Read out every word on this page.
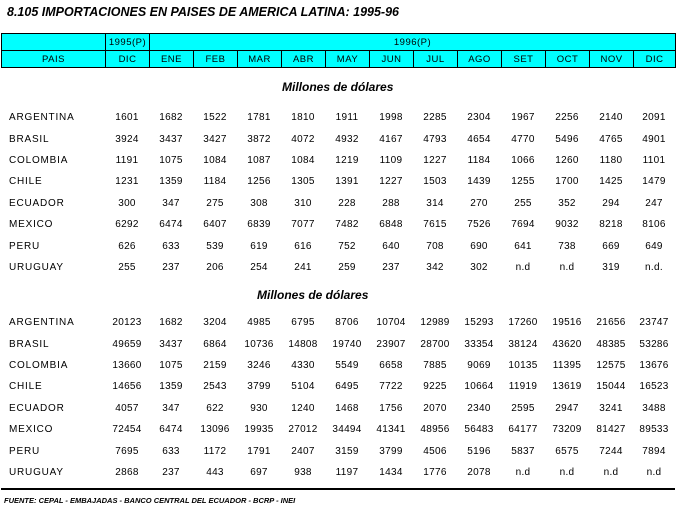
8.105 IMPORTACIONES EN PAISES DE AMERICA LATINA: 1995-96
	1995(P)	1996(P)											
PAIS	DIC	ENE	FEB	MAR	ABR	MAY	JUN	JUL	AGO	SET	OCT	NOV	DIC
Millones de dólares
ARGENTINA	1601	1682	1522	1781	1810	1911	1998	2285	2304	1967	2256	2140	2091
BRASIL	3924	3437	3427	3872	4072	4932	4167	4793	4654	4770	5496	4765	4901
COLOMBIA	1191	1075	1084	1087	1084	1219	1109	1227	1184	1066	1260	1180	1101
CHILE	1231	1359	1184	1256	1305	1391	1227	1503	1439	1255	1700	1425	1479
ECUADOR	300	347	275	308	310	228	288	314	270	255	352	294	247
MEXICO	6292	6474	6407	6839	7077	7482	6848	7615	7526	7694	9032	8218	8106
PERU	626	633	539	619	616	752	640	708	690	641	738	669	649
URUGUAY	255	237	206	254	241	259	237	342	302	n.d	n.d	319	n.d.
Millones de dólares
ARGENTINA	20123	1682	3204	4985	6795	8706	10704	12989	15293	17260	19516	21656	23747
BRASIL	49659	3437	6864	10736	14808	19740	23907	28700	33354	38124	43620	48385	53286
COLOMBIA	13660	1075	2159	3246	4330	5549	6658	7885	9069	10135	11395	12575	13676
CHILE	14656	1359	2543	3799	5104	6495	7722	9225	10664	11919	13619	15044	16523
ECUADOR	4057	347	622	930	1240	1468	1756	2070	2340	2595	2947	3241	3488
MEXICO	72454	6474	13096	19935	27012	34494	41341	48956	56483	64177	73209	81427	89533
PERU	7695	633	1172	1791	2407	3159	3799	4506	5196	5837	6575	7244	7894
URUGUAY	2868	237	443	697	938	1197	1434	1776	2078	n.d	n.d	n.d	n.d
FUENTE: CEPAL - EMBAJADAS - BANCO CENTRAL DEL ECUADOR - BCRP - INEI
